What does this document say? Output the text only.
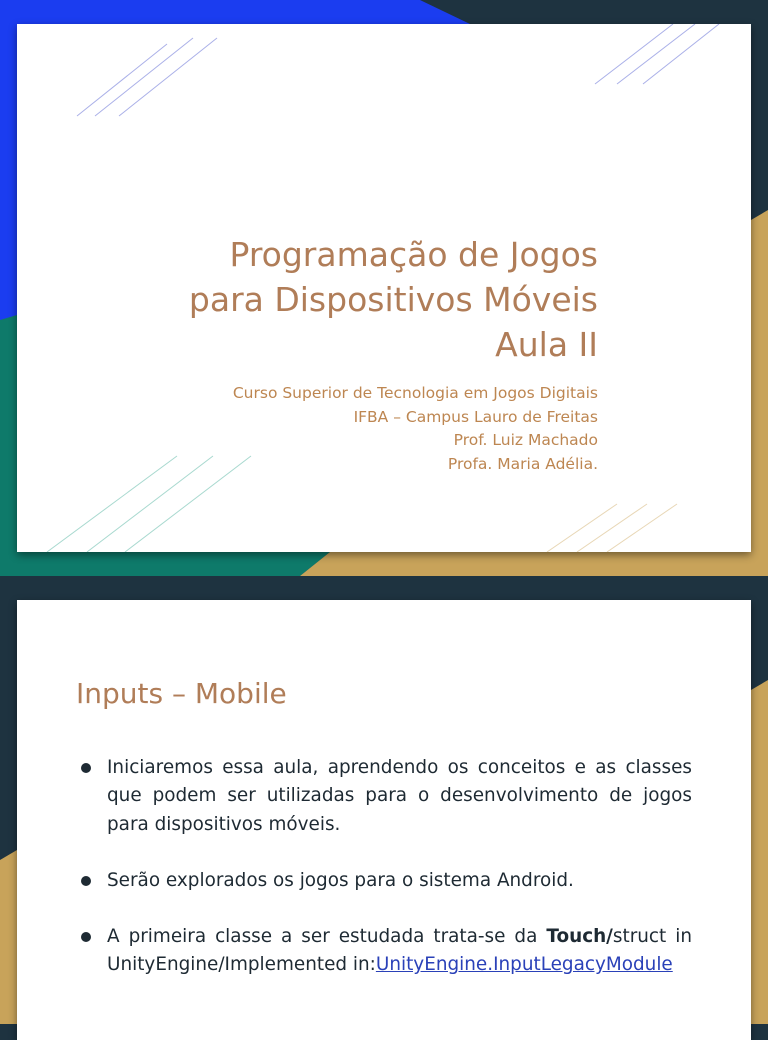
Programação de Jogos
para Dispositivos Móveis
Aula II
Curso Superior de Tecnologia em Jogos Digitais
IFBA – Campus Lauro de Freitas
Prof. Luiz Machado
Profa. Maria Adélia.
Inputs – Mobile
Iniciaremos essa aula, aprendendo os conceitos e as classes que podem ser utilizadas para o desenvolvimento de jogos para dispositivos móveis.
Serão explorados os jogos para o sistema Android.
A primeira classe a ser estudada trata-se da Touch/struct in UnityEngine/Implemented in:UnityEngine.InputLegacyModule
